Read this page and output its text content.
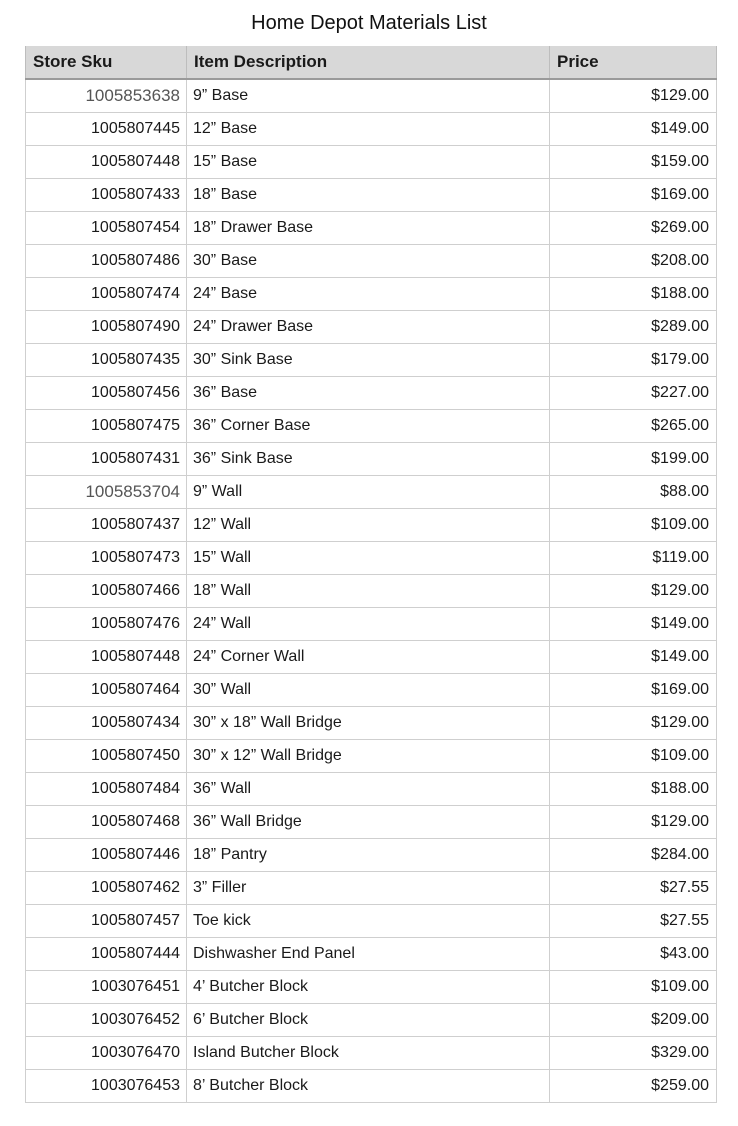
Home Depot Materials List
Store Sku	Item Description	Price
1005853638	9” Base	$129.00
1005807445	12” Base	$149.00
1005807448	15” Base	$159.00
1005807433	18” Base	$169.00
1005807454	18” Drawer Base	$269.00
1005807486	30” Base	$208.00
1005807474	24” Base	$188.00
1005807490	24” Drawer Base	$289.00
1005807435	30” Sink Base	$179.00
1005807456	36” Base	$227.00
1005807475	36” Corner Base	$265.00
1005807431	36” Sink Base	$199.00
1005853704	9” Wall	$88.00
1005807437	12” Wall	$109.00
1005807473	15” Wall	$119.00
1005807466	18” Wall	$129.00
1005807476	24” Wall	$149.00
1005807448	24” Corner Wall	$149.00
1005807464	30” Wall	$169.00
1005807434	30” x 18” Wall Bridge	$129.00
1005807450	30” x 12” Wall Bridge	$109.00
1005807484	36” Wall	$188.00
1005807468	36” Wall Bridge	$129.00
1005807446	18” Pantry	$284.00
1005807462	3” Filler	$27.55
1005807457	Toe kick	$27.55
1005807444	Dishwasher End Panel	$43.00
1003076451	4’ Butcher Block	$109.00
1003076452	6’ Butcher Block	$209.00
1003076470	Island Butcher Block	$329.00
1003076453	8’ Butcher Block	$259.00
